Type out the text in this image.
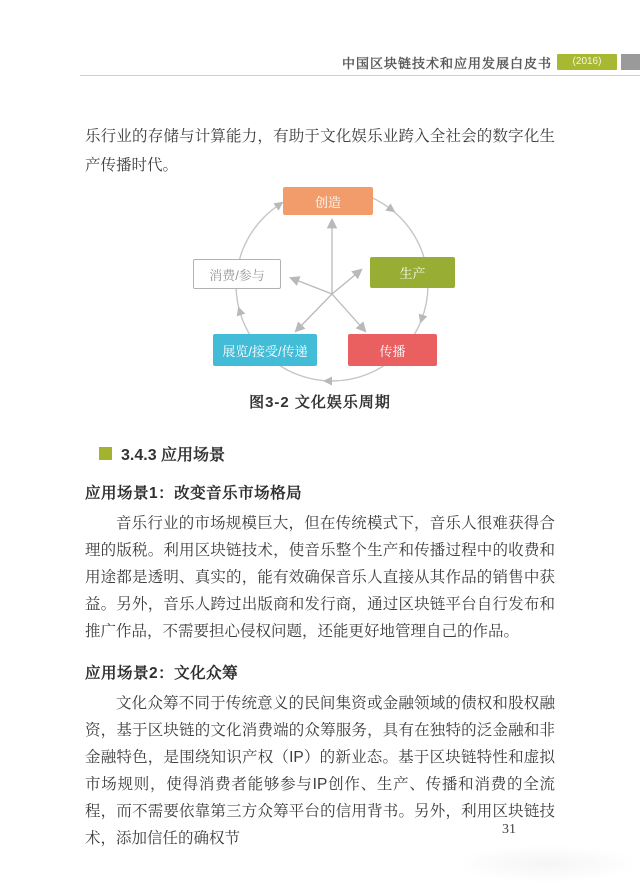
中国区块链技术和应用发展白皮书	(2016)

乐行业的存储与计算能力，有助于文化娱乐业跨入全社会的数字化生产传播时代。

创造
生产
传播
展览/接受/传递
消费/参与
图3-2 文化娱乐周期
3.4.3 应用场景
应用场景1：改变音乐市场格局

音乐行业的市场规模巨大，但在传统模式下，音乐人很难获得合理的版税。利用区块链技术，使音乐整个生产和传播过程中的收费和用途都是透明、真实的，能有效确保音乐人直接从其作品的销售中获益。另外，音乐人跨过出版商和发行商，通过区块链平台自行发布和推广作品，不需要担心侵权问题，还能更好地管理自己的作品。

应用场景2：文化众筹

文化众筹不同于传统意义的民间集资或金融领域的债权和股权融资，基于区块链的文化消费端的众筹服务，具有在独特的泛金融和非金融特色，是围绕知识产权（IP）的新业态。基于区块链特性和虚拟市场规则，使得消费者能够参与IP创作、生产、传播和消费的全流程，而不需要依靠第三方众筹平台的信用背书。另外，利用区块链技术，添加信任的确权节

31
